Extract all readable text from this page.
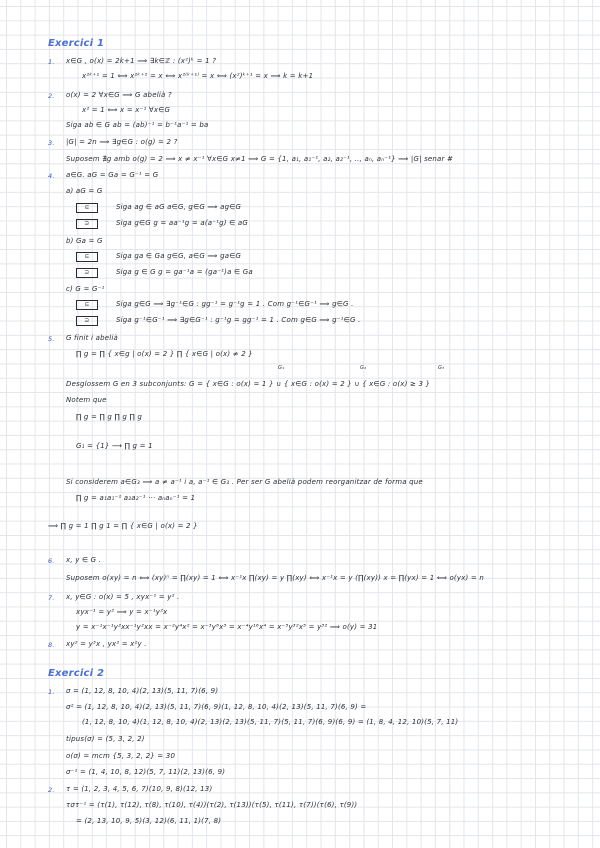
Exercici 1
1. x∈G , o(x) = 2k+1 ⟹ ∃k∈ℤ : (x²)ᵏ = 1 ?
x²ᵏ⁺¹ = 1 ⟺ x²ᵏ⁺² = x ⟺ x²⁽ᵏ⁺¹⁾ = x ⟺ (x²)ᵏ⁺¹ = x ⟹ k = k+1
2. o(x) = 2 ∀x∈G ⟹ G abelià ?
x² = 1 ⟺ x = x⁻¹ ∀x∈G
Siga ab ∈ G ab = (ab)⁻¹ = b⁻¹a⁻¹ = ba
3. |G| = 2n ⟹ ∃g∈G : o(g) = 2 ?
Suposem ∄g amb o(g) = 2 ⟹ x ≠ x⁻¹ ∀x∈G x≠1 ⟹ G = {1, a₁, a₁⁻¹, a₂, a₂⁻¹, .., aₙ, aₙ⁻¹} ⟹ |G| senar #
4. a∈G. aG = Ga = G⁻¹ = G
a) aG = G
⊆	Siga ag ∈ aG a∈G, g∈G ⟹ ag∈G
⊇	Siga g∈G g = aa⁻¹g = a(a⁻¹g) ∈ aG
b) Ga = G
⊆	Siga ga ∈ Ga g∈G, a∈G ⟹ ga∈G
⊇	Siga g ∈ G g = ga⁻¹a = (ga⁻¹)a ∈ Ga
c) G = G⁻¹
⊆	Siga g∈G ⟹ ∃g⁻¹∈G : gg⁻¹ = g⁻¹g = 1 . Com g⁻¹∈G⁻¹ ⟹ g∈G .
⊇	Siga g⁻¹∈G⁻¹ ⟹ ∃g∈G⁻¹ : g⁻¹g = gg⁻¹ = 1 . Com g∈G ⟹ g⁻¹∈G .
5. G finit i abelià
∏ g = ∏ { x∈g | o(x) = 2 } ∏ { x∈G | o(x) ≠ 2 }
G₁	G₂	G₃
Desglossem G en 3 subconjunts: G = { x∈G : o(x) = 1 } ∪ { x∈G : o(x) = 2 } ∪ { x∈G : o(x) ≥ 3 }
Notem que
∏ g = ∏ g ∏ g ∏ g
G₁ = {1} ⟶ ∏ g = 1
Si considerem a∈G₃ ⟹ a ≠ a⁻¹ i a, a⁻¹ ∈ G₃ . Per ser G abelià podem reorganitzar de forma que
∏ g = a₁a₁⁻¹ a₂a₂⁻¹ ··· aₙaₙ⁻¹ = 1
⟹ ∏ g = 1 ∏ g 1 = ∏ { x∈G | o(x) = 2 }
6. x, y ∈ G .
Suposem o(xy) = n ⟺ (xy)ⁿ = ∏(xy) = 1 ⟺ x⁻¹x ∏(xy) = y ∏(xy) ⟺ x⁻¹x = y (∏(xy)) x = ∏(yx) = 1 ⟺ o(yx) = n
7. x, y∈G : o(x) = 5 , xyx⁻¹ = y² .
xyx⁻¹ = y² ⟹ y = x⁻¹y²x
y = x⁻¹x⁻¹y²xx⁻¹y²xx = x⁻²y⁴x² = x⁻³y⁸x³ = x⁻⁴y¹⁶x⁴ = x⁻⁵y³²x⁵ = y³² ⟹ o(y) = 31
8. xy² = y³x , yx² = x²y .
Exercici 2
1. σ = (1, 12, 8, 10, 4)(2, 13)(5, 11, 7)(6, 9)
σ² = (1, 12, 8, 10, 4)(2, 13)(5, 11, 7)(6, 9)(1, 12, 8, 10, 4)(2, 13)(5, 11, 7)(6, 9) =
(1, 12, 8, 10, 4)(1, 12, 8, 10, 4)(2, 13)(2, 13)(5, 11, 7)(5, 11, 7)(6, 9)(6, 9) = (1, 8, 4, 12, 10)(5, 7, 11)
tipus(σ) = (5, 3, 2, 2)
o(σ) = mcm {5, 3, 2, 2} = 30
σ⁻¹ = (1, 4, 10, 8, 12)(5, 7, 11)(2, 13)(6, 9)
2. τ = (1, 2, 3, 4, 5, 6, 7)(10, 9, 8)(12, 13)
τστ⁻¹ = (τ(1), τ(12), τ(8), τ(10), τ(4))(τ(2), τ(13))(τ(5), τ(11), τ(7))(τ(6), τ(9))
= (2, 13, 10, 9, 5)(3, 12)(6, 11, 1)(7, 8)
